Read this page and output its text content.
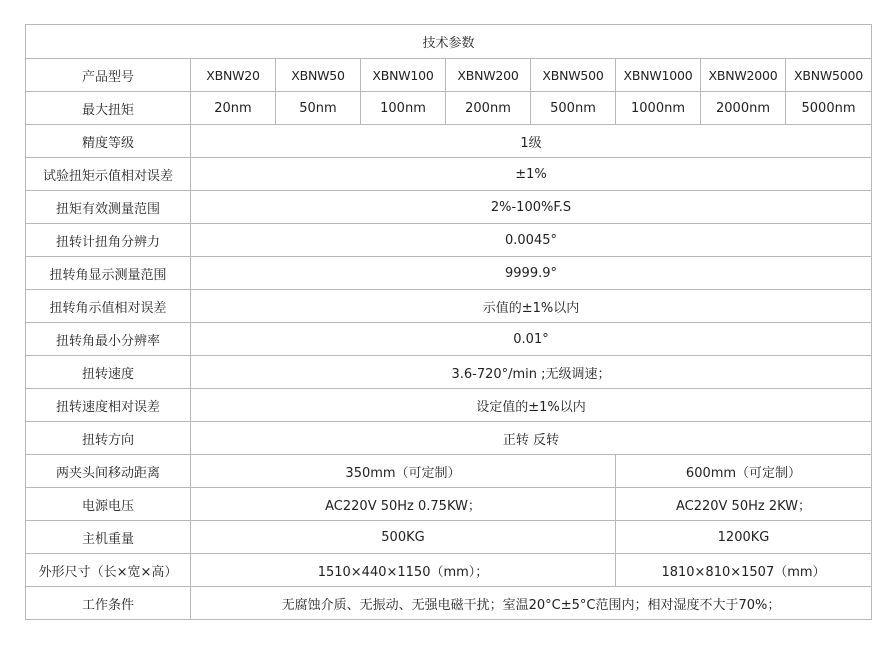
技术参数								
产品型号	XBNW20	XBNW50	XBNW100	XBNW200	XBNW500	XBNW1000	XBNW2000	XBNW5000
最大扭矩	20nm	50nm	100nm	200nm	500nm	1000nm	2000nm	5000nm
精度等级	1级							
试验扭矩示值相对误差	±1%							
扭矩有效测量范围	2%-100%F.S							
扭转计扭角分辨力	0.0045°							
扭转角显示测量范围	9999.9°							
扭转角示值相对误差	示值的±1%以内							
扭转角最小分辨率	0.01°							
扭转速度	3.6-720°/min ;无级调速；							
扭转速度相对误差	设定值的±1%以内							
扭转方向	正转 反转							
两夹头间移动距离	350mm（可定制）					600mm（可定制）		
电源电压	AC220V 50Hz 0.75KW；					AC220V 50Hz 2KW；		
主机重量	500KG					1200KG		
外形尺寸（长×宽×高）	1510×440×1150（mm）；					1810×810×1507（mm）		
工作条件	无腐蚀介质、无振动、无强电磁干扰；室温20°C±5°C范围内；相对湿度不大于70%；							
